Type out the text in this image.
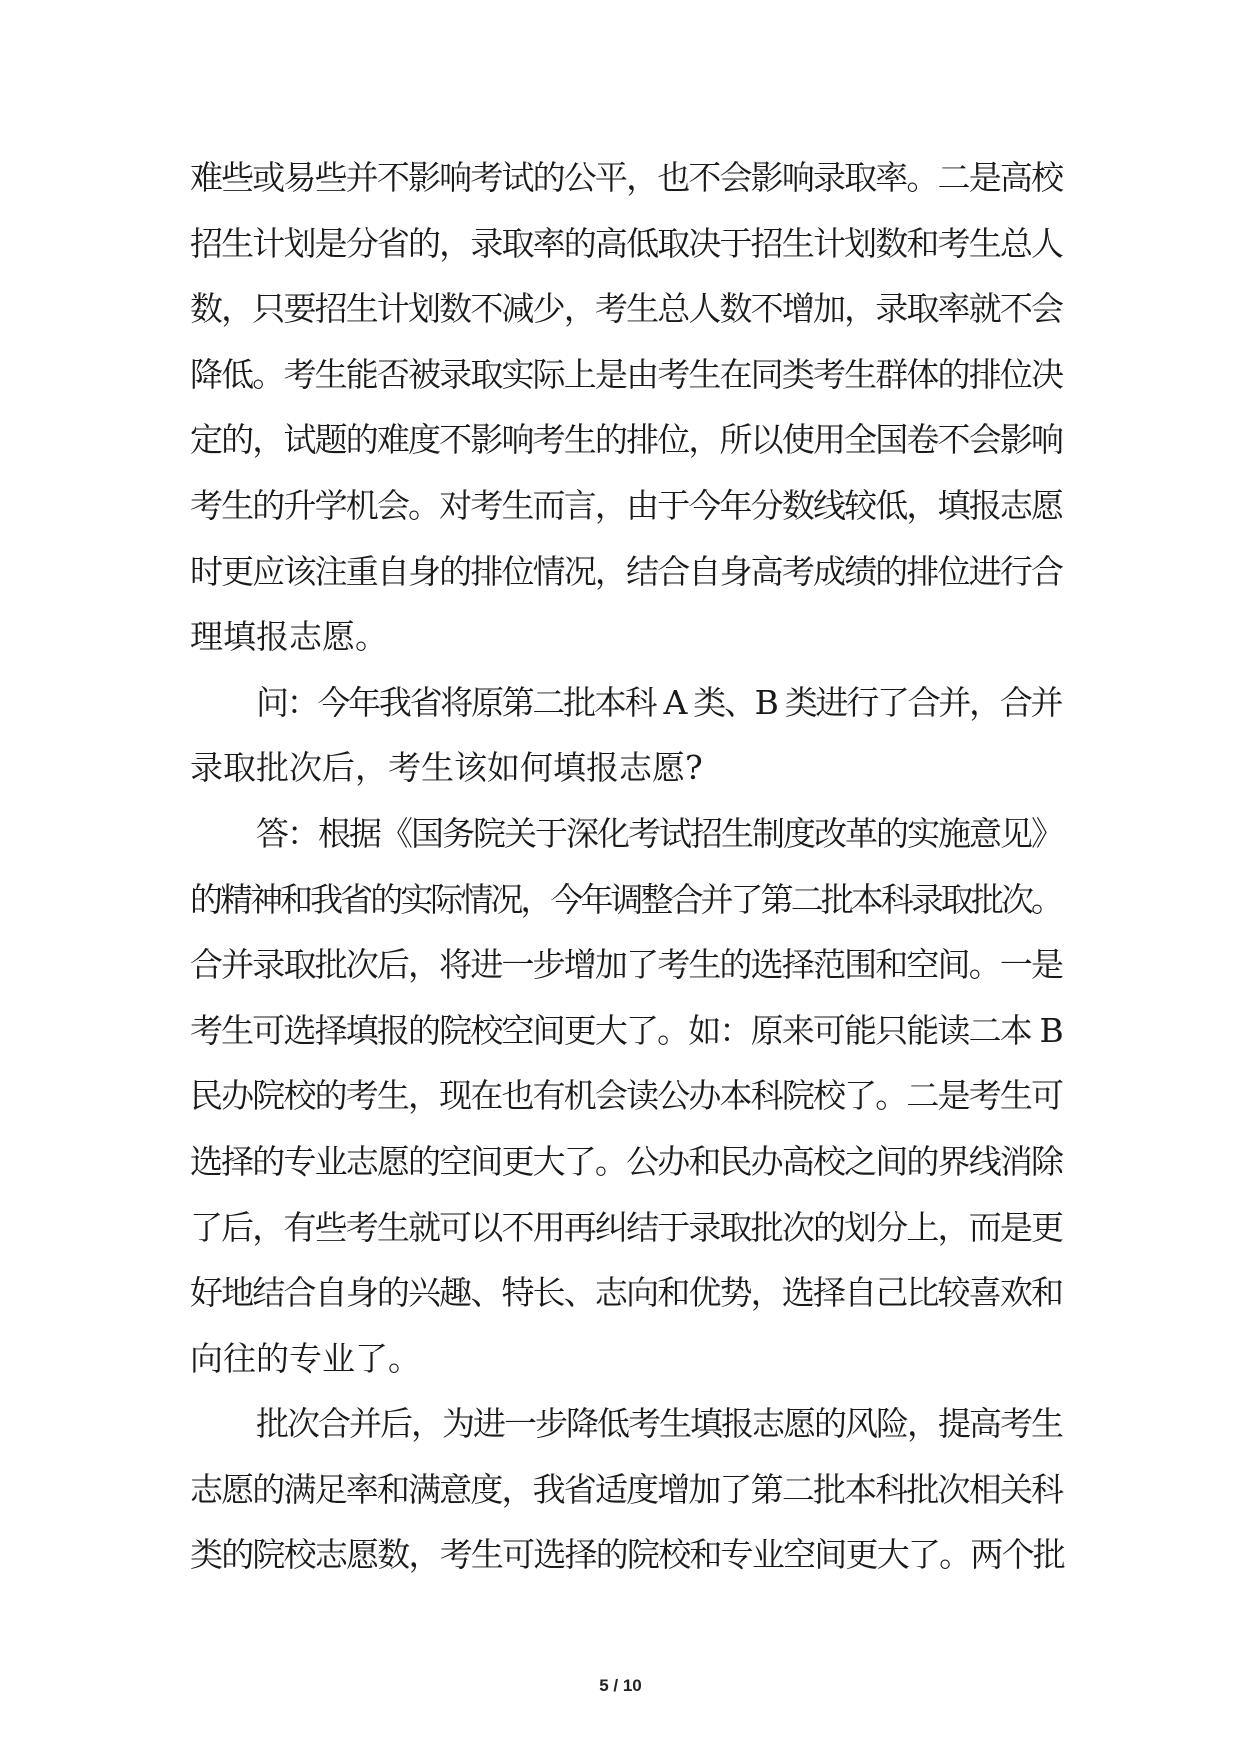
难些或易些并不影响考试的公平，也不会影响录取率。二是高校
招生计划是分省的，录取率的高低取决于招生计划数和考生总人
数，只要招生计划数不减少，考生总人数不增加，录取率就不会
降低。考生能否被录取实际上是由考生在同类考生群体的排位决
定的，试题的难度不影响考生的排位，所以使用全国卷不会影响
考生的升学机会。对考生而言，由于今年分数线较低，填报志愿
时更应该注重自身的排位情况，结合自身高考成绩的排位进行合
理填报志愿。
问：今年我省将原第二批本科 A 类、B 类进行了合并，合并
录取批次后，考生该如何填报志愿?
答：根据《国务院关于深化考试招生制度改革的实施意见》
的精神和我省的实际情况，今年调整合并了第二批本科录取批次。
合并录取批次后，将进一步增加了考生的选择范围和空间。一是
考生可选择填报的院校空间更大了。如：原来可能只能读二本 B
民办院校的考生，现在也有机会读公办本科院校了。二是考生可
选择的专业志愿的空间更大了。公办和民办高校之间的界线消除
了后，有些考生就可以不用再纠结于录取批次的划分上，而是更
好地结合自身的兴趣、特长、志向和优势，选择自己比较喜欢和
向往的专业了。
批次合并后，为进一步降低考生填报志愿的风险，提高考生
志愿的满足率和满意度，我省适度增加了第二批本科批次相关科
类的院校志愿数，考生可选择的院校和专业空间更大了。两个批
5 / 10
